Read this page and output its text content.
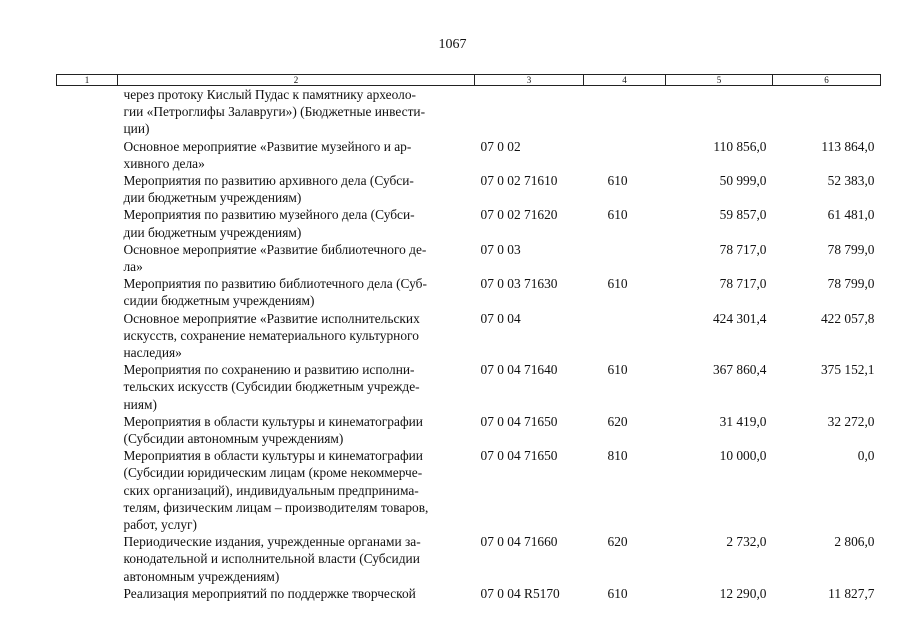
1067
1	2	3	4	5	6

	через протоку Кислый Пудас к памятнику археоло-
гии «Петроглифы Залавруги») (Бюджетные инвести-
ции)				

	Основное мероприятие «Развитие музейного и ар-
хивного дела»	07 0 02		110 856,0	113 864,0

	Мероприятия по развитию архивного дела (Субси-
дии бюджетным учреждениям)	07 0 02 71610	610	50 999,0	52 383,0

	Мероприятия по развитию музейного дела (Субси-
дии бюджетным учреждениям)	07 0 02 71620	610	59 857,0	61 481,0

	Основное мероприятие «Развитие библиотечного де-
ла»	07 0 03		78 717,0	78 799,0

	Мероприятия по развитию библиотечного дела (Суб-
сидии бюджетным учреждениям)	07 0 03 71630	610	78 717,0	78 799,0

	Основное мероприятие «Развитие исполнительских
искусств, сохранение нематериального культурного
наследия»	07 0 04		424 301,4	422 057,8

	Мероприятия по сохранению и развитию исполни-
тельских искусств (Субсидии бюджетным учрежде-
ниям)	07 0 04 71640	610	367 860,4	375 152,1

	Мероприятия в области культуры и кинематографии
(Субсидии автономным учреждениям)	07 0 04 71650	620	31 419,0	32 272,0

	Мероприятия в области культуры и кинематографии
(Субсидии юридическим лицам (кроме некоммерче-
ских организаций), индивидуальным предпринима-
телям, физическим лицам – производителям товаров,
работ, услуг)	07 0 04 71650	810	10 000,0	0,0

	Периодические издания, учрежденные органами за-
конодательной и исполнительной власти (Субсидии
автономным учреждениям)	07 0 04 71660	620	2 732,0	2 806,0

	Реализация мероприятий по поддержке творческой	07 0 04 R5170	610	12 290,0	11 827,7
